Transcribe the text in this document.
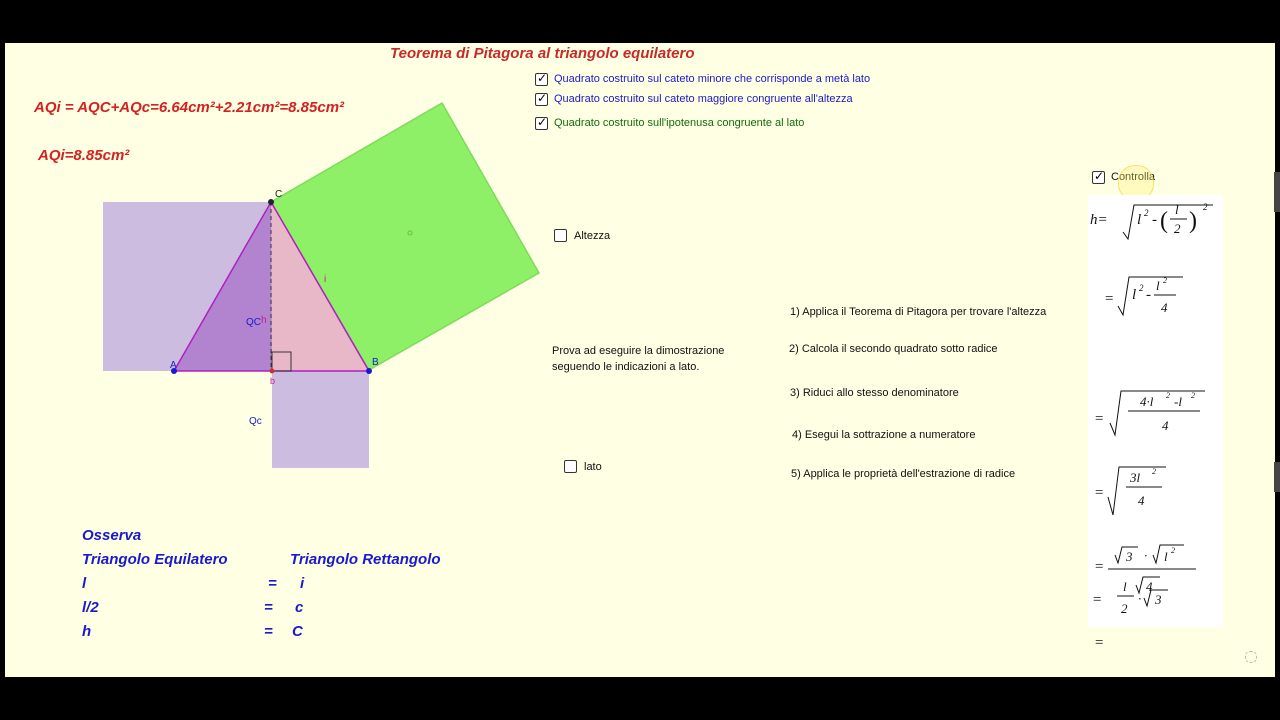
Teorema di Pitagora al triangolo equilatero
AQi = AQC+AQc=6.64cm²+2.21cm²=8.85cm²
AQi=8.85cm²
C
A	B
b
h
i
QC
Qc
✓
Quadrato costruito sul cateto minore che corrisponde a metà lato
✓
Quadrato costruito sul cateto maggiore congruente all'altezza
✓
Quadrato costruito sull'ipotenusa congruente al lato
Altezza
Prova ad eseguire la dimostrazione
seguendo le indicazioni a lato.
lato
1) Applica il Teorema di Pitagora per trovare l'altezza
2) Calcola il secondo quadrato sotto radice
3) Riduci allo stesso denominatore
4) Esegui la sottrazione a numeratore
5) Applica le proprietà dell'estrazione di radice
Osserva
Triangolo Equilatero	Triangolo Rettangolo
l	= i
l/2	= c
h	= C
✓
Controlla
h= l 2 - ( l
2 )
2
= l 2 -
l 2
4
=
4·l 2 -l 2
4
=
3l 2
4
=
3 · l 2
4
=
=
l
2
· 3
